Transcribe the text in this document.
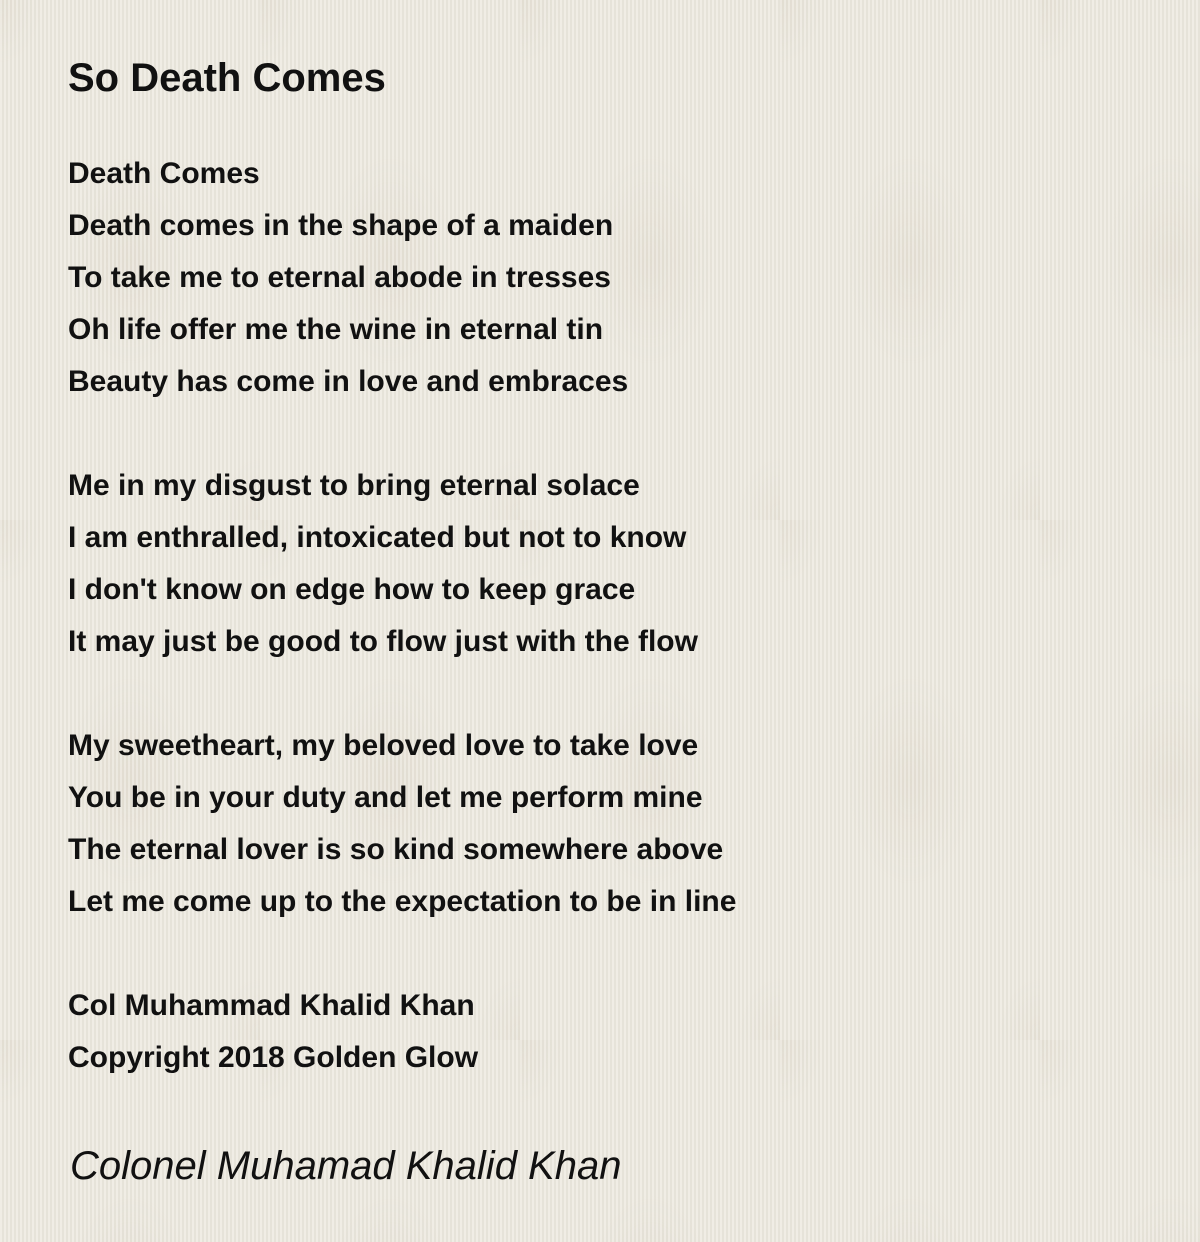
So Death Comes
Death Comes
Death comes in the shape of a maiden
To take me to eternal abode in tresses
Oh life offer me the wine in eternal tin
Beauty has come in love and embraces
Me in my disgust to bring eternal solace
I am enthralled, intoxicated but not to know
I don't know on edge how to keep grace
It may just be good to flow just with the flow
My sweetheart, my beloved love to take love
You be in your duty and let me perform mine
The eternal lover is so kind somewhere above
Let me come up to the expectation to be in line
Col Muhammad Khalid Khan
Copyright 2018 Golden Glow
Colonel Muhamad Khalid Khan
